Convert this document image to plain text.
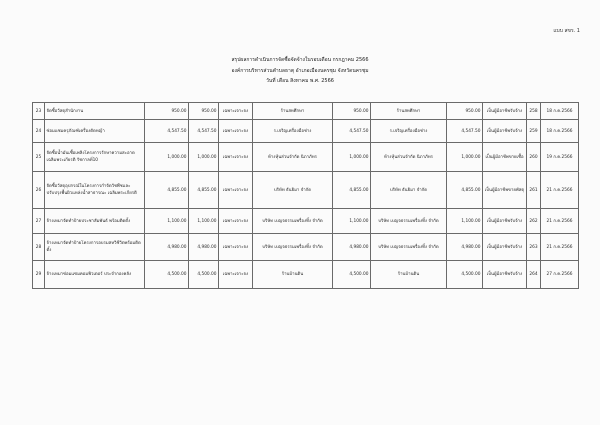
แบบ สขร. 1
สรุปผลการดำเนินการจัดซื้อจัดจ้างในรอบเดือน กรกฎาคม 2566
องค์การบริหารส่วนตำบลธาตุ อำเภอเมืองนครชุม จังหวัดนครชุม
วันที่ เดือน สิงหาคม พ.ศ. 2566
23	จัดซื้อวัสดุสำนักงาน	950.00	950.00	เฉพาะเจาะจง	ร้านสหศึกษา	950.00	ร้านสหศึกษา	950.00	เป็นผู้มีอาชีพรับจ้าง	258	18 ก.ค.2566
24	ซ่อมแซมครุภัณฑ์เครื่องตัดหญ้า	4,547.50	4,547.50	เฉพาะเจาะจง	ร.เจริญเครื่องมือช่าง	4,547.50	ร.เจริญเครื่องมือช่าง	4,547.50	เป็นผู้มีอาชีพรับจ้าง	259	18 ก.ค.2566
25	จัดซื้อน้ำมันเชื้อเพลิงโครงการรักษาความสะอาดเฉลิมพระเกียรติ รัชกาลที่10	1,000.00	1,000.00	เฉพาะเจาะจง	ห้างหุ้นส่วนจำกัด นิภาภัทร	1,000.00	ห้างหุ้นส่วนจำกัด นิภาภัทร	1,000.00	เป็นผู้มีอาชีพขายเชื้อ	260	19 ก.ค.2566
26	จัดซื้อวัสดุอุปกรณ์ในโครงการกำจัดวัชพืชและปรับปรุงพื้นผิวแหล่งน้ำสาธารณะ เฉลิมพระเกียรติ	4,855.00	4,855.00	เฉพาะเจาะจง	บริษัท ธันยิมา จำกัด	4,855.00	บริษัท ธันยิมา จำกัด	4,855.00	เป็นผู้มีอาชีพขายพัสดุ	261	21 ก.ค.2566
27	จ้างเหมาจัดทำป้ายประชาสัมพันธ์ พร้อมติดตั้ง	1,100.00	1,100.00	เฉพาะเจาะจง	บริษัท เบญจธรรมเพรื่องทิ้ง จำกัด	1,100.00	บริษัท เบญจธรรมเพรื่องทิ้ง จำกัด	1,100.00	เป็นผู้มีอาชีพรับจ้าง	262	21 ก.ค.2566
28	จ้างเหมาจัดทำป้ายโครงการอบรมสหวิชีวิตพร้อมติดตั้ง	4,980.00	4,980.00	เฉพาะเจาะจง	บริษัท เบญจธรรมเพรื่องทิ้ง จำกัด	4,980.00	บริษัท เบญจธรรมเพรื่องทิ้ง จำกัด	4,980.00	เป็นผู้มีอาชีพรับจ้าง	263	21 ก.ค.2566
29	จ้างเหมาซ่อมแซมคอมพิวเตอร์ ประจำกองคลัง	4,500.00	4,500.00	เฉพาะเจาะจง	ร้านบ้านดิน	4,500.00	ร้านบ้านดิน	4,500.00	เป็นผู้มีอาชีพรับจ้าง	264	27 ก.ค.2566
